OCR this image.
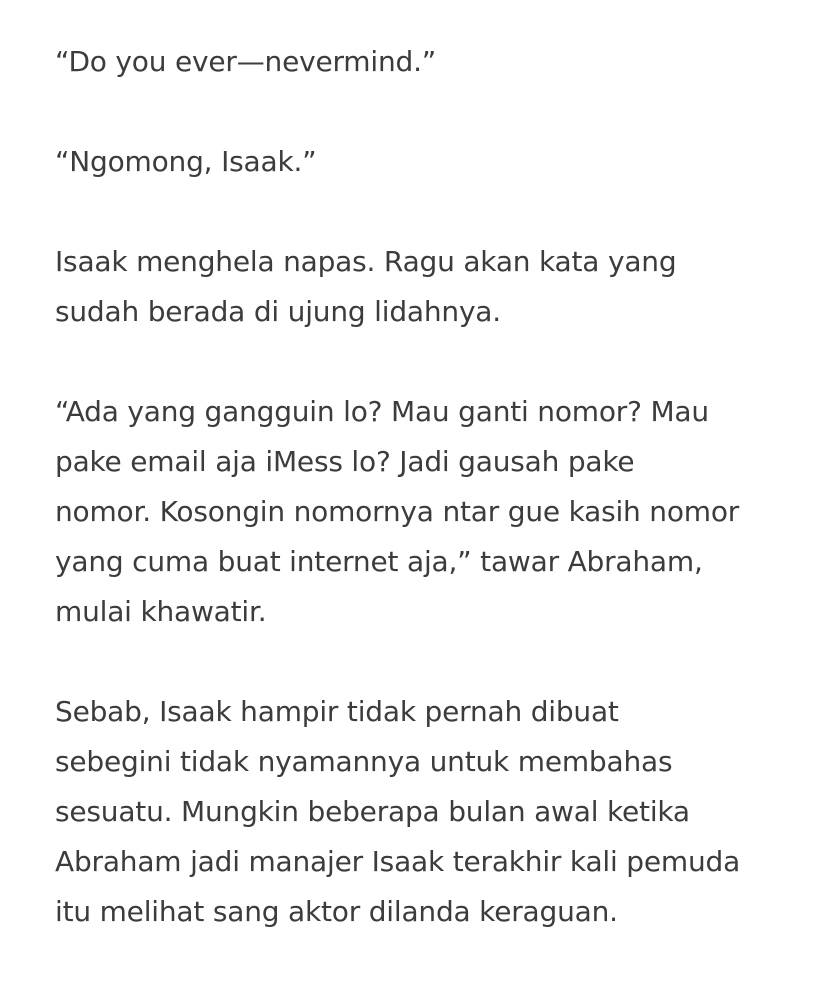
“Do you ever—nevermind.”

“Ngomong, Isaak.”

Isaak menghela napas. Ragu akan kata yang
sudah berada di ujung lidahnya.

“Ada yang gangguin lo? Mau ganti nomor? Mau
pake email aja iMess lo? Jadi gausah pake
nomor. Kosongin nomornya ntar gue kasih nomor
yang cuma buat internet aja,” tawar Abraham,
mulai khawatir.

Sebab, Isaak hampir tidak pernah dibuat
sebegini tidak nyamannya untuk membahas
sesuatu. Mungkin beberapa bulan awal ketika
Abraham jadi manajer Isaak terakhir kali pemuda
itu melihat sang aktor dilanda keraguan.
